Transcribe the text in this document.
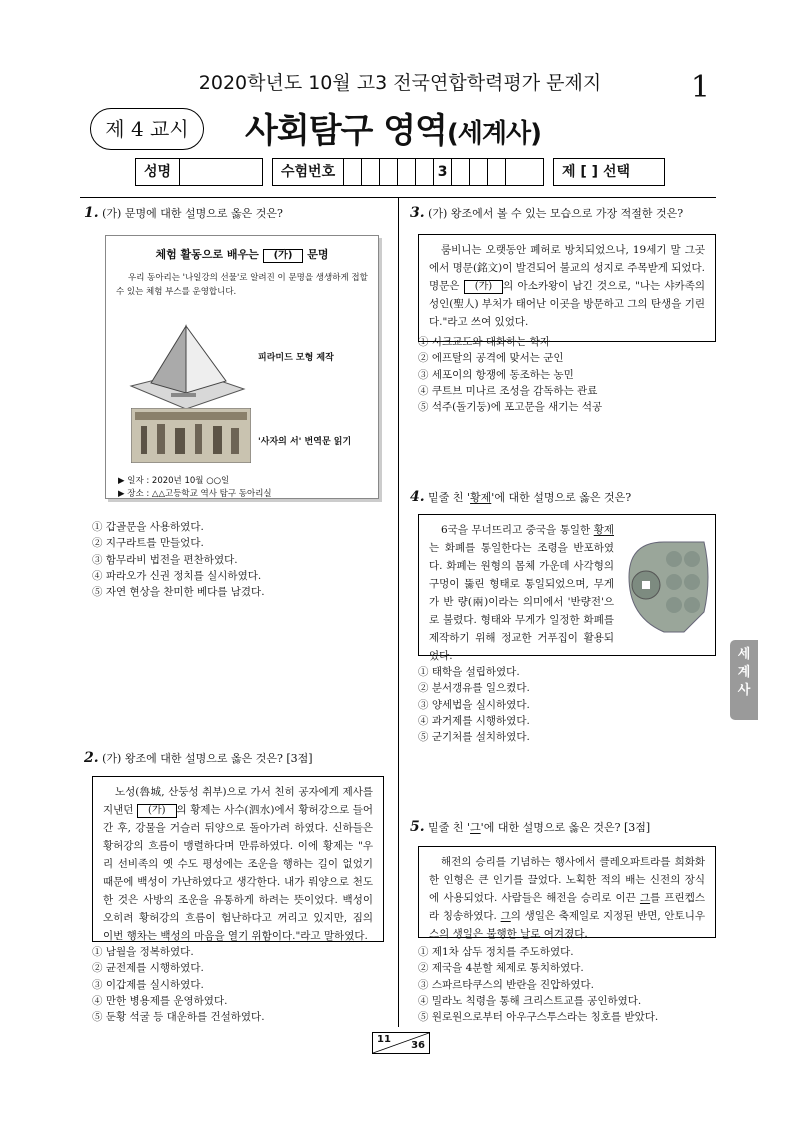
2020학년도 10월 고3 전국연합학력평가 문제지	1
제 4 교시	사회탐구 영역(세계사)
성명	수험번호	3	제 [ ] 선택
1. (가) 문명에 대한 설명으로 옳은 것은?
체험 활동으로 배우는 (가) 문명
우리 동아리는 '나일강의 선물'로 알려진 이 문명을 생생하게 접할 수 있는 체험 부스를 운영합니다.
피라미드 모형 제작
'사자의 서' 번역문 읽기
▶ 일자 : 2020년 10월 ○○일
▶ 장소 : △△고등학교 역사 탐구 동아리실
① 갑골문을 사용하였다.
② 지구라트를 만들었다.
③ 함무라비 법전을 편찬하였다.
④ 파라오가 신권 정치를 실시하였다.
⑤ 자연 현상을 찬미한 베다를 남겼다.
2. (가) 왕조에 대한 설명으로 옳은 것은? [3점]
노성(魯城, 산둥성 취부)으로 가서 친히 공자에게 제사를 지낸던 (가) 의 황제는 사수(泗水)에서 황허강으로 들어간 후, 강물을 거슬러 뒤양으로 돌아가려 하였다. 신하들은 황허강의 흐름이 맹렬하다며 만류하였다. 이에 황제는 "우리 선비족의 옛 수도 평성에는 조운을 행하는 길이 없었기 때문에 백성이 가난하였다고 생각한다. 내가 뤄양으로 천도한 것은 사방의 조운을 유통하게 하려는 뜻이었다. 백성이 오히려 황허강의 흐름이 험난하다고 꺼리고 있지만, 짐의 이번 행차는 백성의 마음을 열기 위함이다."라고 말하였다.
① 남월을 정복하였다.
② 균전제를 시행하였다.
③ 이갑제를 실시하였다.
④ 만한 병용제를 운영하였다.
⑤ 둔황 석굴 등 대운하를 건설하였다.
3. (가) 왕조에서 볼 수 있는 모습으로 가장 적절한 것은?
룸비니는 오랫동안 폐허로 방치되었으나, 19세기 말 그곳에서 명문(銘文)이 발견되어 불교의 성지로 주목받게 되었다. 명문은 (가) 의 아소카왕이 남긴 것으로, "나는 샤카족의 성인(聖人) 부처가 태어난 이곳을 방문하고 그의 탄생을 기린다."라고 쓰여 있었다.
① 시크교도와 대화하는 학자
② 에프탈의 공격에 맞서는 군인
③ 세포이의 항쟁에 동조하는 농민
④ 쿠트브 미나르 조성을 감독하는 관료
⑤ 석주(돌기둥)에 포고문을 새기는 석공
4. 밑줄 친 '황제'에 대한 설명으로 옳은 것은?
6국을 무너뜨리고 중국을 통일한 황제는 화폐를 통일한다는 조령을 반포하였다. 화폐는 원형의 몸체 가운데 사각형의 구멍이 뚫린 형태로 통일되었으며, 무게가 반 량(兩)이라는 의미에서 '반량전'으로 불렸다. 형태와 무게가 일정한 화폐를 제작하기 위해 정교한 거푸집이 활용되었다.
① 태학을 설립하였다.
② 분서갱유를 일으켰다.
③ 양세법을 실시하였다.
④ 과거제를 시행하였다.
⑤ 군기처를 설치하였다.
5. 밑줄 친 '그'에 대한 설명으로 옳은 것은? [3점]
해전의 승리를 기념하는 행사에서 클레오파트라를 희화화한 인형은 큰 인기를 끌었다. 노획한 적의 배는 신전의 장식에 사용되었다. 사람들은 해전을 승리로 이끈 그를 프린켑스라 칭송하였다. 그의 생일은 축제일로 지정된 반면, 안토니우스의 생일은 불행한 날로 여겨졌다.
① 제1차 삼두 정치를 주도하였다.
② 제국을 4분할 체제로 통치하였다.
③ 스파르타쿠스의 반란을 진압하였다.
④ 밀라노 칙령을 통해 크리스트교를 공인하였다.
⑤ 원로원으로부터 아우구스투스라는 칭호를 받았다.
세계사
11
36
